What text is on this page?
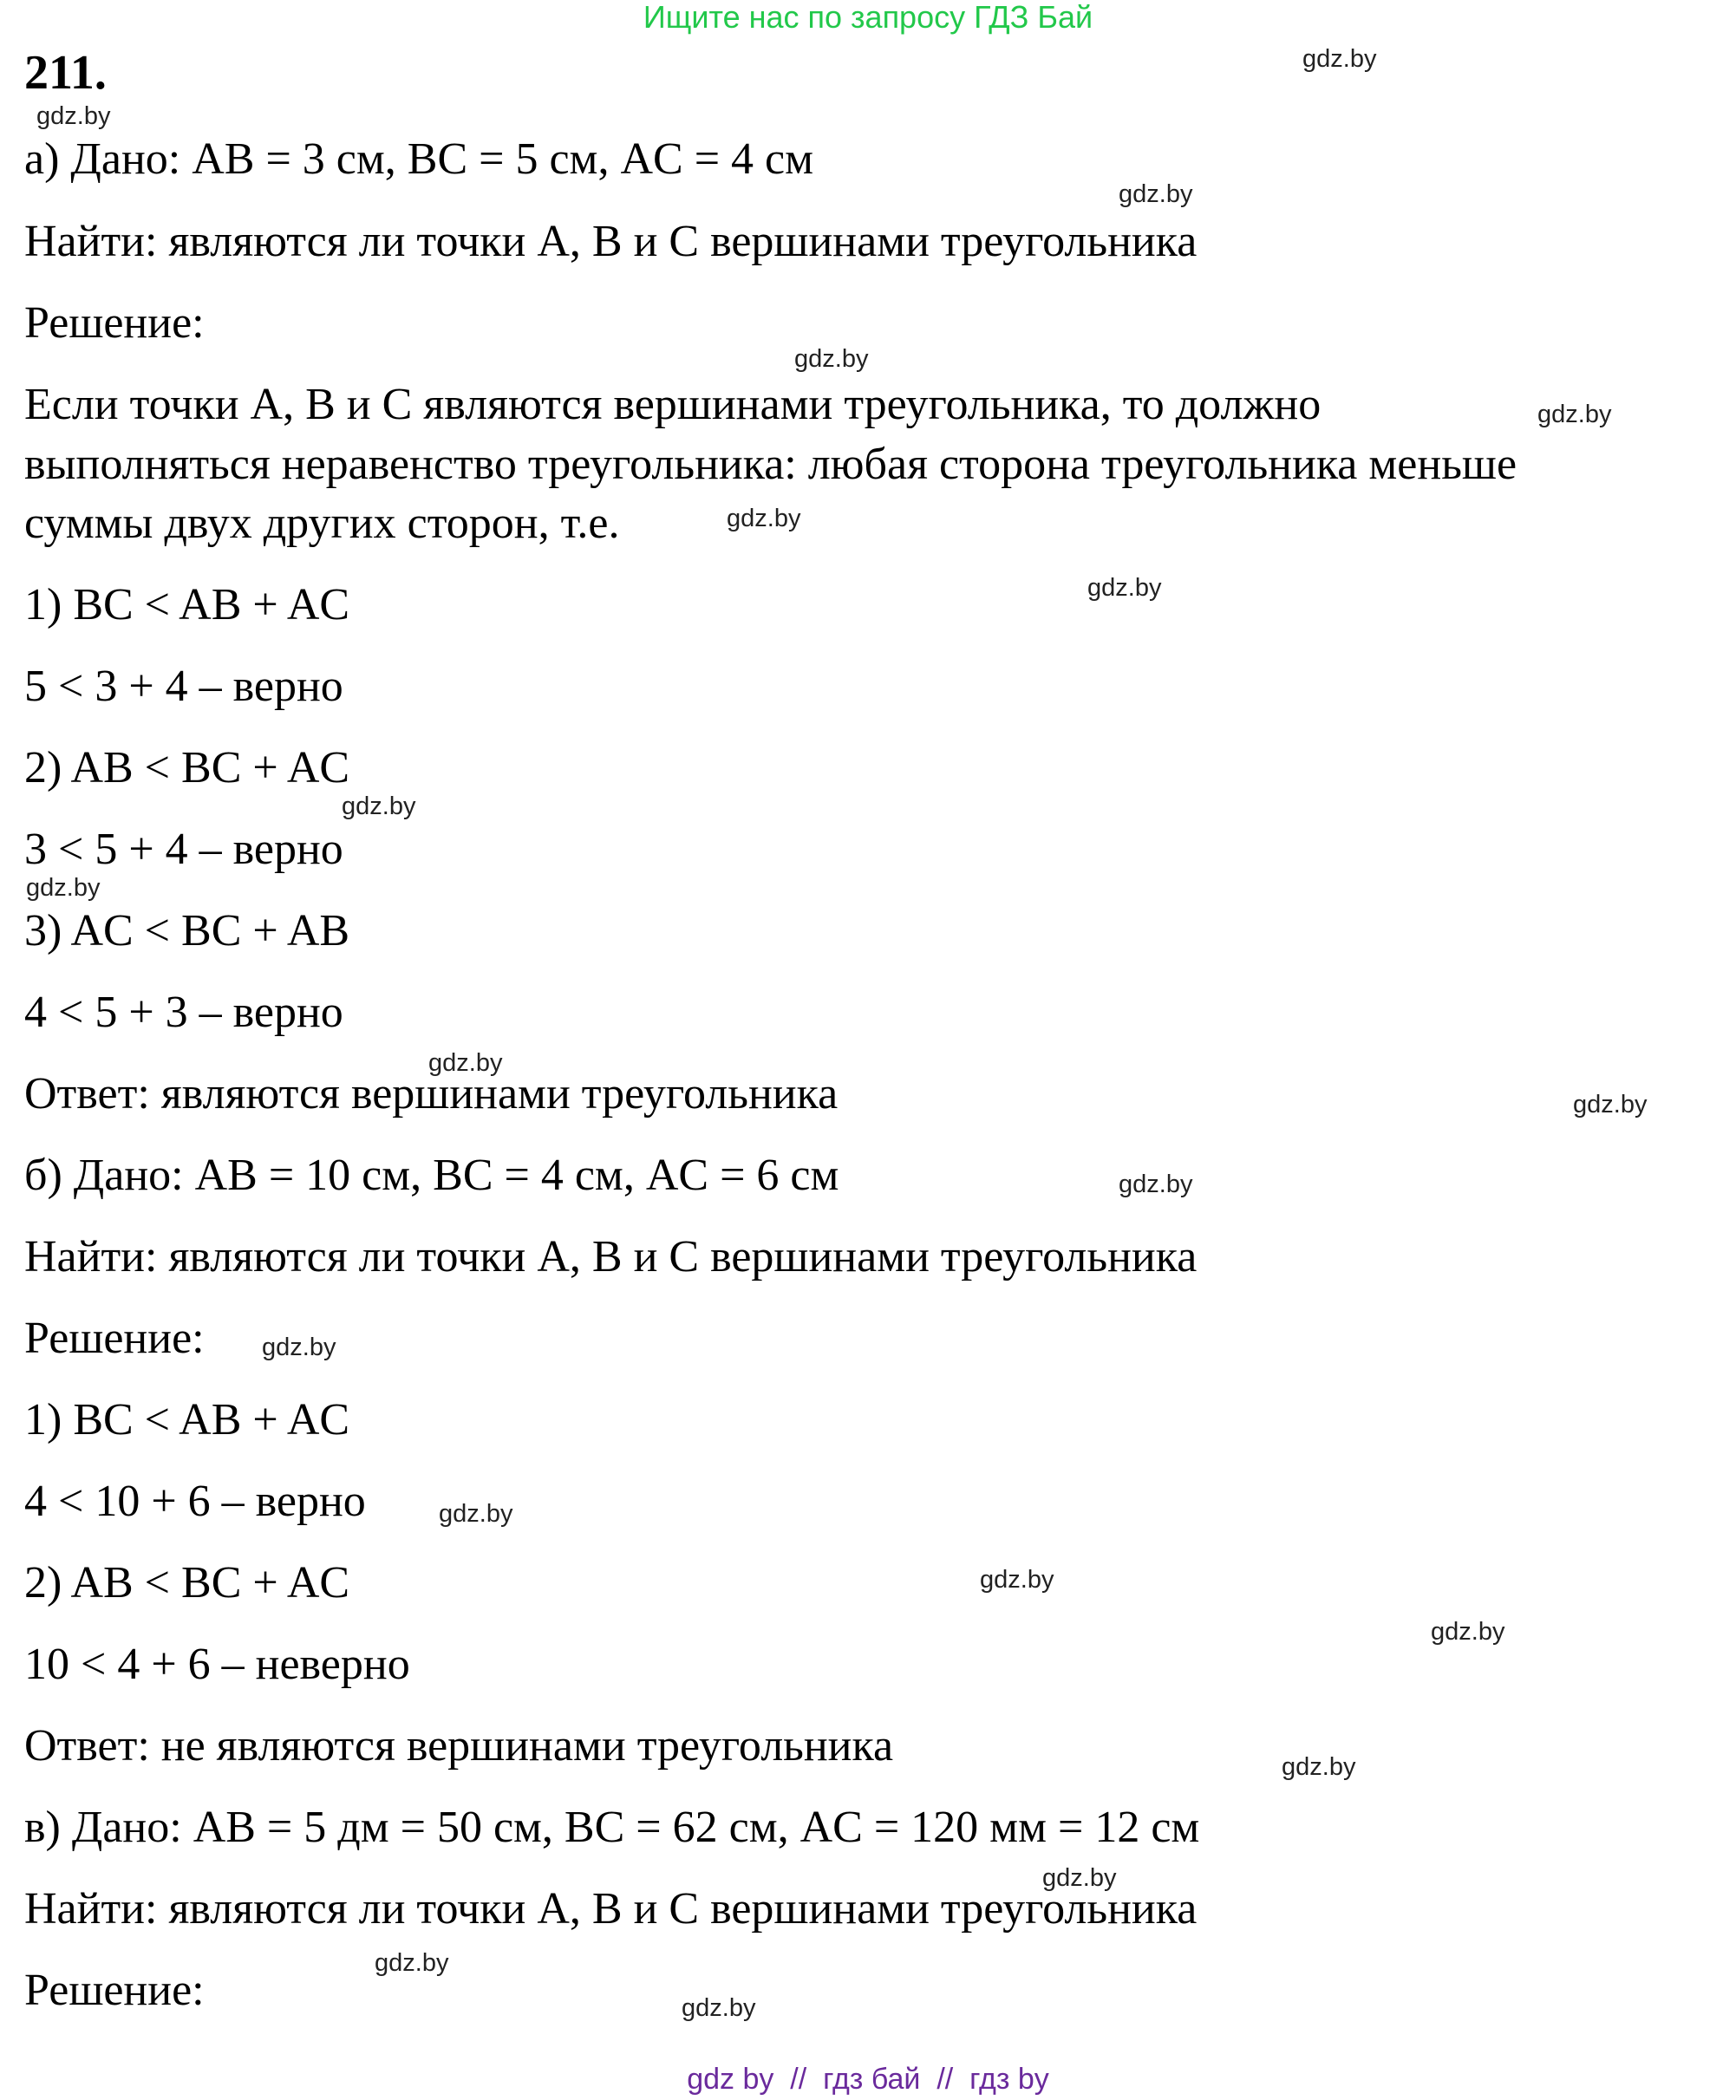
Ищите нас по запросу ГДЗ Бай
211.
а) Дано: AB = 3 см, BC = 5 см, AC = 4 см
Найти: являются ли точки A, B и C вершинами треугольника
Решение:
Если точки A, B и C являются вершинами треугольника, то должно
выполняться неравенство треугольника: любая сторона треугольника меньше
суммы двух других сторон, т.е.
1) BC < AB + AC
5 < 3 + 4 – верно
2) AB < BC + AC
3 < 5 + 4 – верно
3) AC < BC + AB
4 < 5 + 3 – верно
Ответ: являются вершинами треугольника
б) Дано: AB = 10 см, BC = 4 см, AC = 6 см
Найти: являются ли точки A, B и C вершинами треугольника
Решение:
1) BC < AB + AC
4 < 10 + 6 – верно
2) AB < BC + AC
10 < 4 + 6 – неверно
Ответ: не являются вершинами треугольника
в) Дано: AB = 5 дм = 50 см, BC = 62 см, AC = 120 мм = 12 см
Найти: являются ли точки A, B и C вершинами треугольника
Решение:
gdz.by
gdz.by
gdz.by
gdz.by
gdz.by
gdz.by
gdz.by
gdz.by
gdz.by
gdz.by
gdz.by
gdz.by
gdz.by
gdz.by
gdz.by
gdz.by
gdz.by
gdz.by
gdz.by
gdz.by
gdz by  //  гдз бай  //  гдз by
